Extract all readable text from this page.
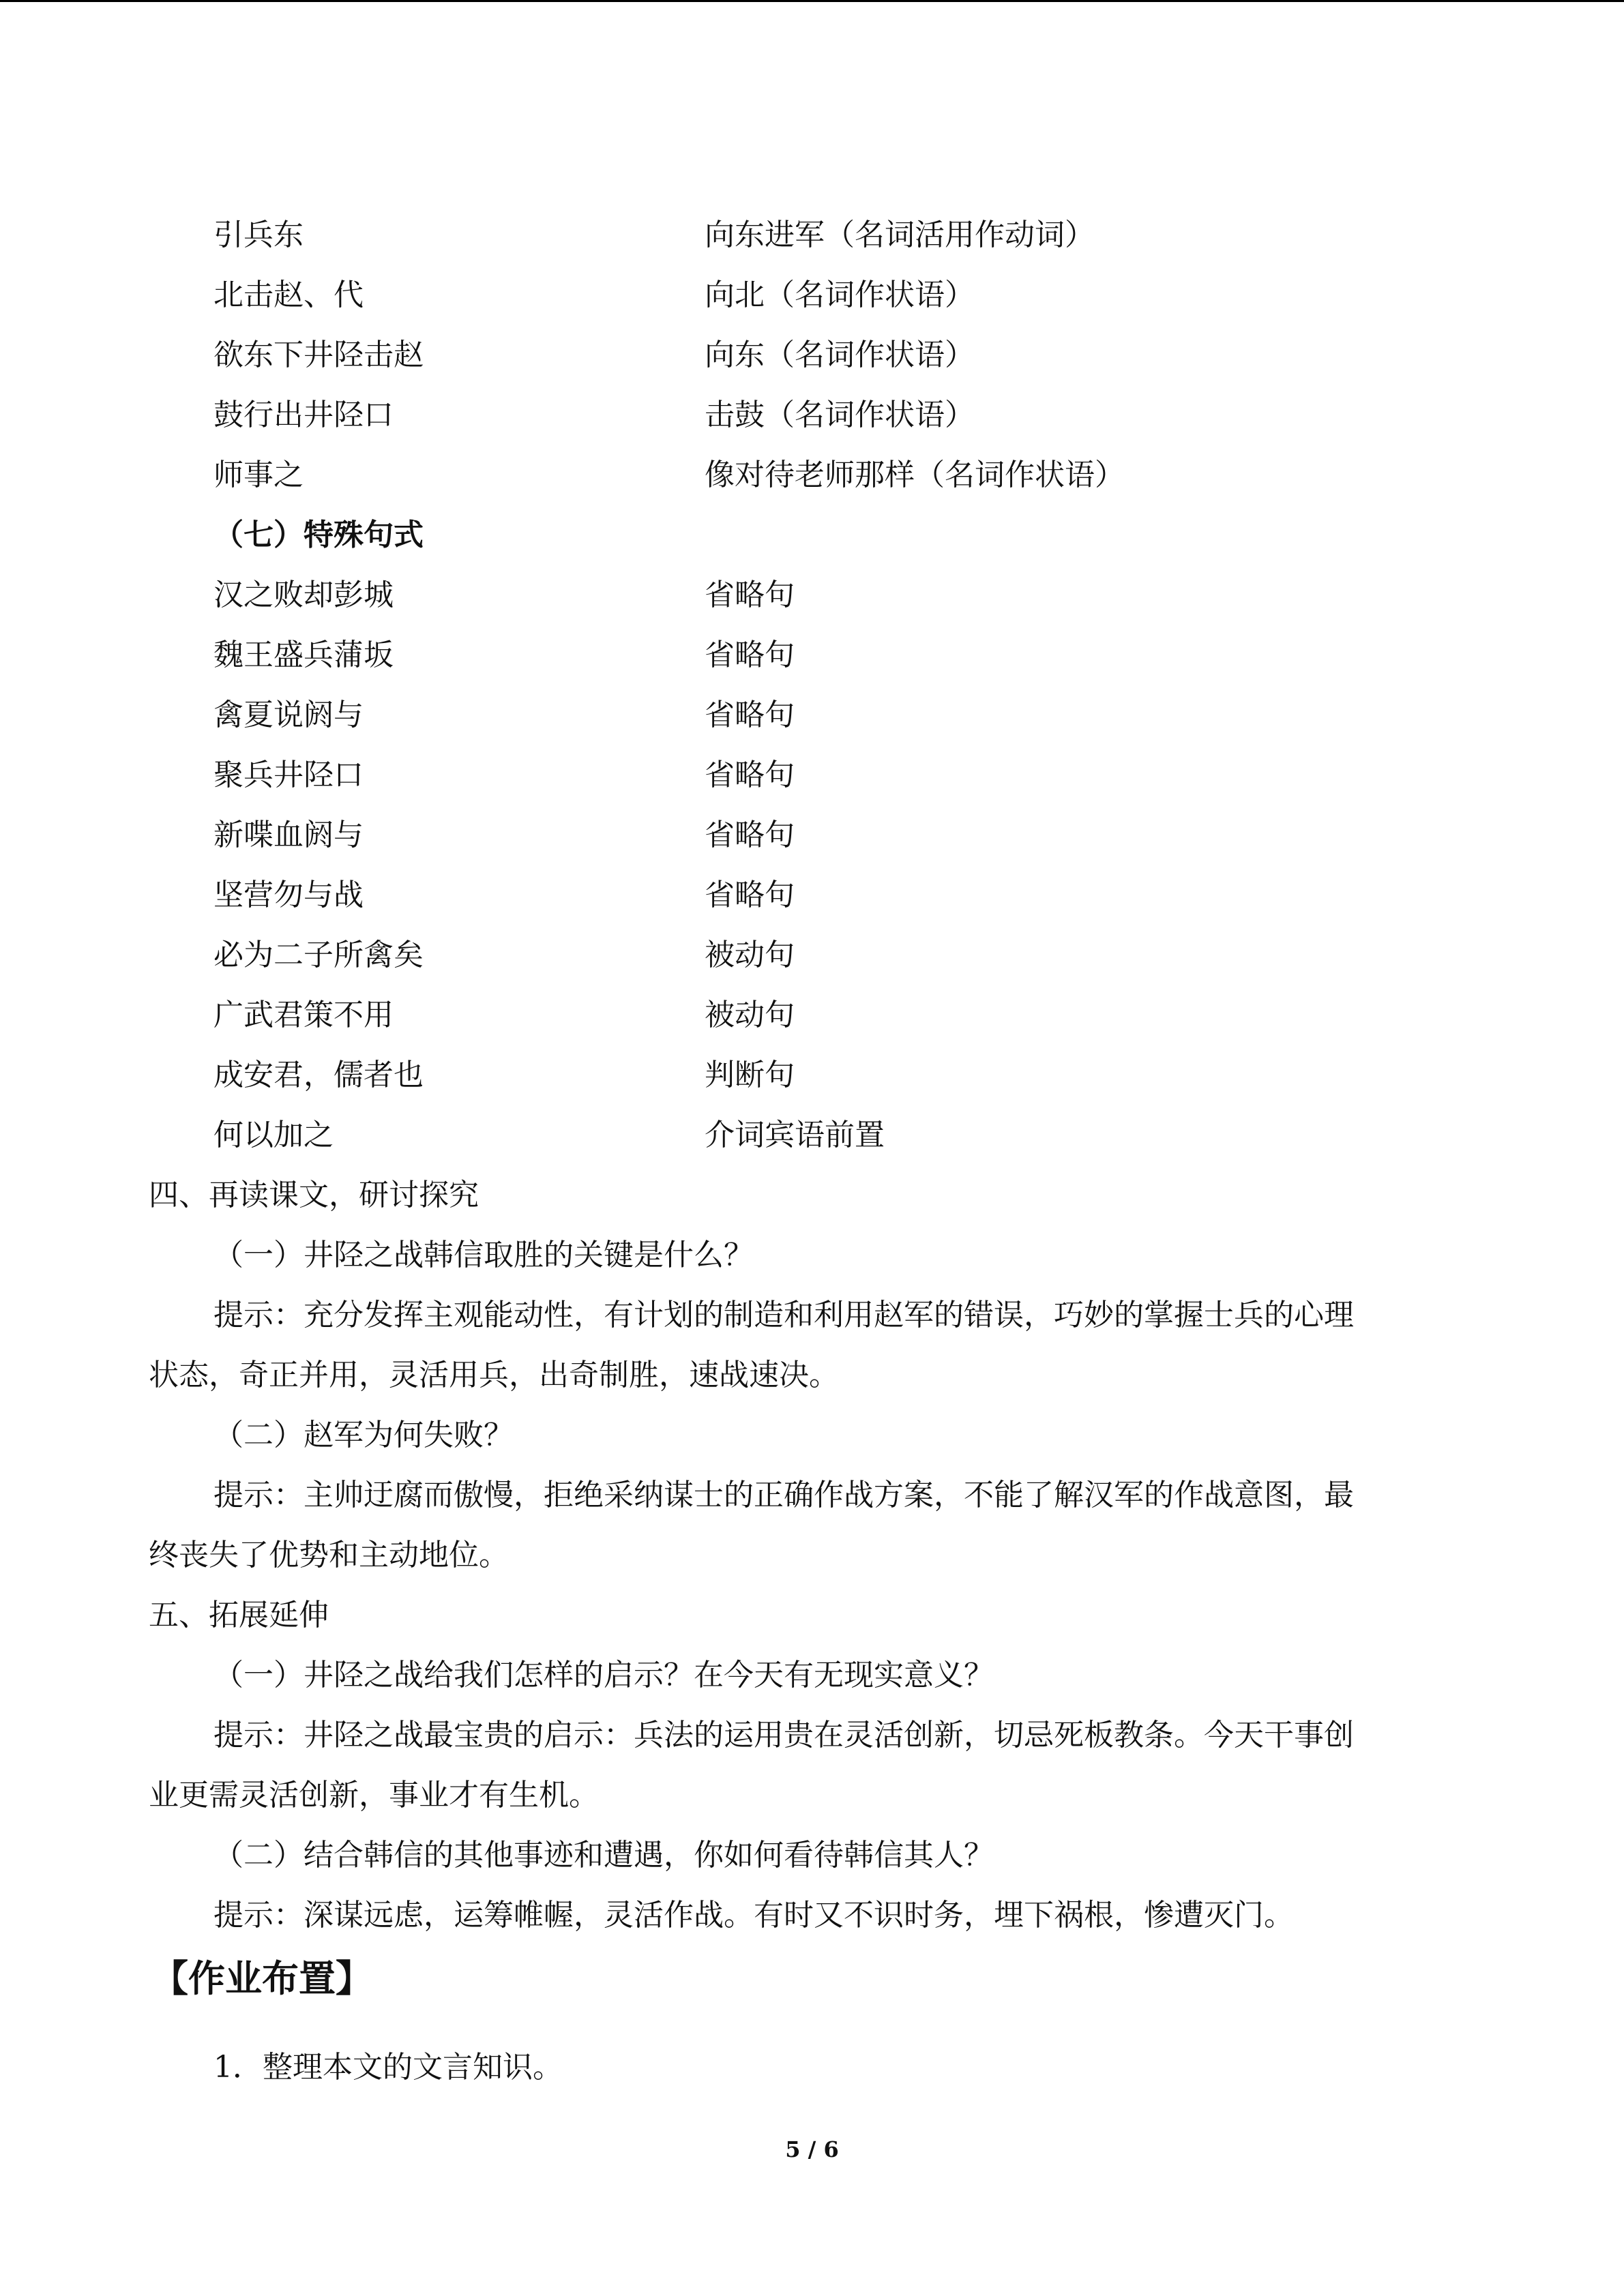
引兵东	向东进军（名词活用作动词）
北击赵、代	向北（名词作状语）
欲东下井陉击赵	向东（名词作状语）
鼓行出井陉口	击鼓（名词作状语）
师事之	像对待老师那样（名词作状语）
（七）特殊句式
汉之败却彭城	省略句
魏王盛兵蒲坂	省略句
禽夏说阏与	省略句
聚兵井陉口	省略句
新喋血阏与	省略句
坚营勿与战	省略句
必为二子所禽矣	被动句
广武君策不用	被动句
成安君，儒者也	判断句
何以加之	介词宾语前置
四、再读课文，研讨探究
（一）井陉之战韩信取胜的关键是什么？
提示：充分发挥主观能动性，有计划的制造和利用赵军的错误，巧妙的掌握士兵的心理
状态，奇正并用，灵活用兵，出奇制胜，速战速决。
（二）赵军为何失败？
提示：主帅迂腐而傲慢，拒绝采纳谋士的正确作战方案，不能了解汉军的作战意图，最
终丧失了优势和主动地位。
五、拓展延伸
（一）井陉之战给我们怎样的启示？在今天有无现实意义？
提示：井陉之战最宝贵的启示：兵法的运用贵在灵活创新，切忌死板教条。今天干事创
业更需灵活创新，事业才有生机。
（二）结合韩信的其他事迹和遭遇，你如何看待韩信其人？
提示：深谋远虑，运筹帷幄，灵活作战。有时又不识时务，埋下祸根，惨遭灭门。
【作业布置】
1．整理本文的文言知识。
5 / 6
